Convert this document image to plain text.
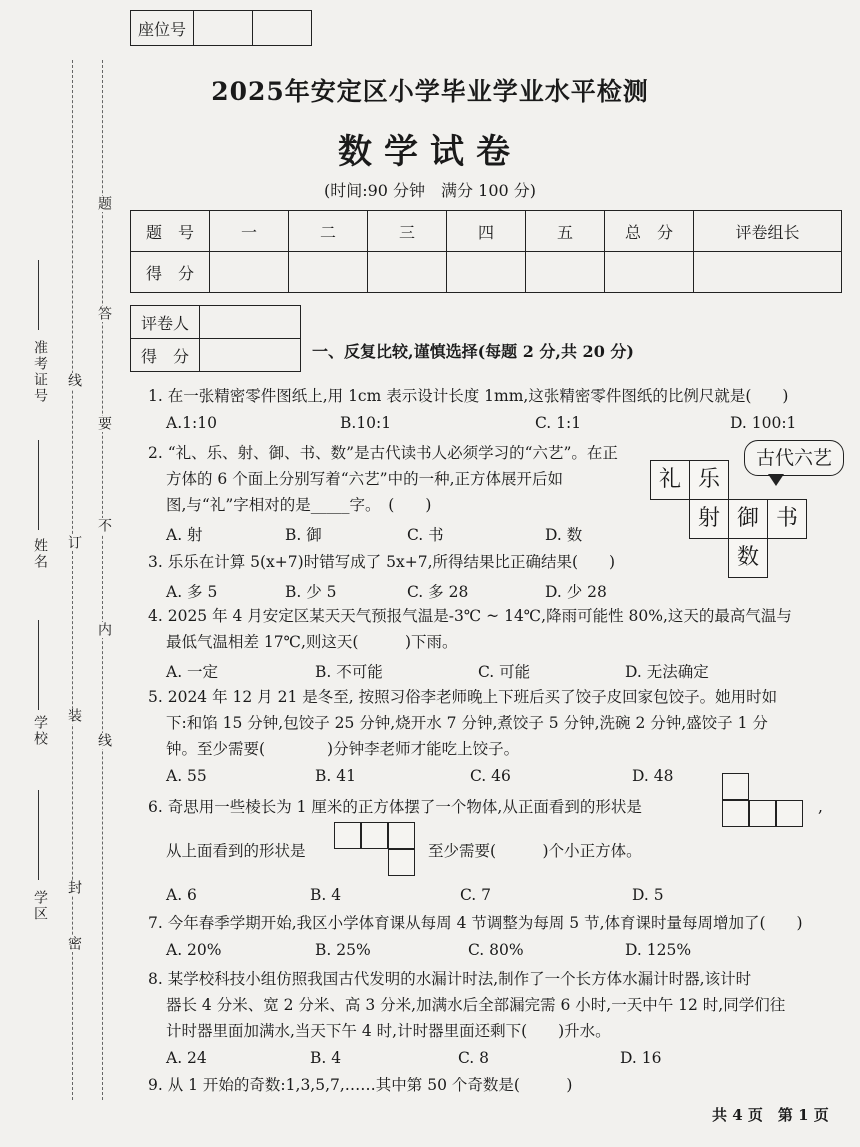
座位号		
准考证号
姓名
学校
学区
线
订
装
封
密
题
答
要
不
内
线
2025年安定区小学毕业学业水平检测
数学试卷
(时间:90 分钟　满分 100 分)
题　号	一	二	三	四	五	总　分	评卷组长
得　分							
评卷人	
得　分		一、反复比较,谨慎选择(每题 2 分,共 20 分)
1. 在一张精密零件图纸上,用 1cm 表示设计长度 1mm,这张精密零件图纸的比例尺就是(　　)
A.1:10	B.10:1	C. 1:1	D. 100:1
2. “礼、乐、射、御、书、数”是古代读书人必须学习的“六艺”。在正
方体的 6 个面上分别写着“六艺”中的一种,正方体展开后如
图,与“礼”字相对的是_____字。　(　　)
A. 射	B. 御	C. 书	D. 数
古代六艺
礼 乐
射 御 书
数
3. 乐乐在计算 5(x+7)时错写成了 5x+7,所得结果比正确结果(　　)
A. 多 5	B. 少 5	C. 多 28	D. 少 28
4. 2025 年 4 月安定区某天天气预报气温是-3℃ ~ 14℃,降雨可能性 80%,这天的最高气温与
最低气温相差 17℃,则这天(　　　)下雨。
A. 一定	B. 不可能	C. 可能	D. 无法确定
5. 2024 年 12 月 21 是冬至, 按照习俗李老师晚上下班后买了饺子皮回家包饺子。她用时如
下:和馅 15 分钟,包饺子 25 分钟,烧开水 7 分钟,煮饺子 5 分钟,洗碗 2 分钟,盛饺子 1 分
钟。至少需要(　　　　)分钟李老师才能吃上饺子。
A. 55	B. 41	C. 46	D. 48
6. 奇思用一些棱长为 1 厘米的正方体摆了一个物体,从正面看到的形状是	,
从上面看到的形状是	至少需要(　　　)个小正方体。
A. 6	B. 4	C. 7	D. 5
7. 今年春季学期开始,我区小学体育课从每周 4 节调整为每周 5 节,体育课时量每周增加了(　　)
A. 20%	B. 25%	C. 80%	D. 125%
8. 某学校科技小组仿照我国古代发明的水漏计时法,制作了一个长方体水漏计时器,该计时
器长 4 分米、宽 2 分米、高 3 分米,加满水后全部漏完需 6 小时,一天中午 12 时,同学们往
计时器里面加满水,当天下午 4 时,计时器里面还剩下(　　)升水。
A. 24	B. 4	C. 8	D. 16
9. 从 1 开始的奇数:1,3,5,7,……其中第 50 个奇数是(　　　)
共 4 页　第 1 页
